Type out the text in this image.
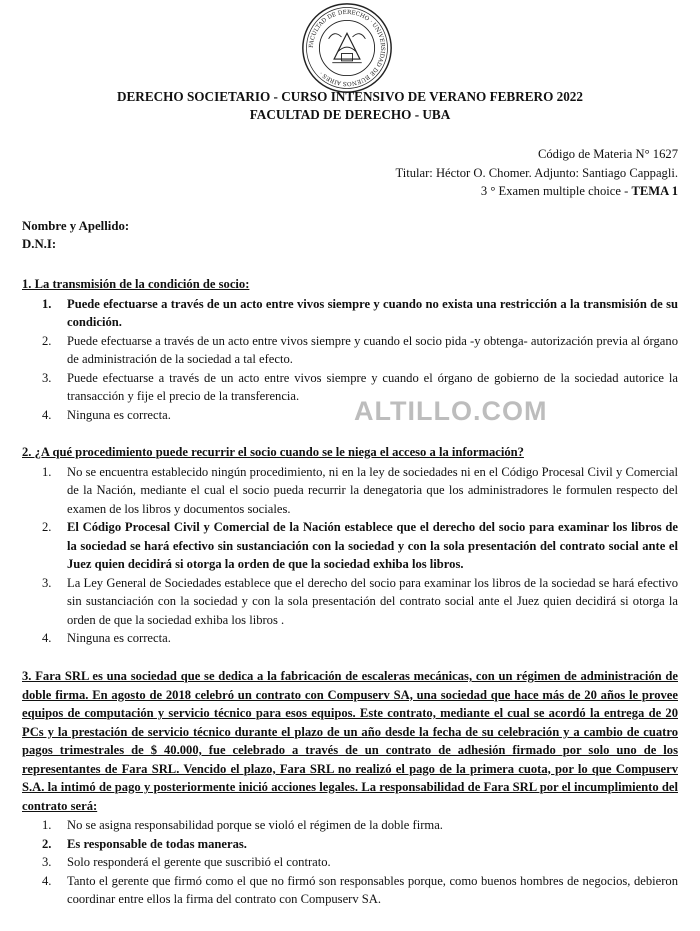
FACULTAD DE DERECHO · UNIVERSIDAD DE BUENOS AIRES ·
DERECHO SOCIETARIO - CURSO INTENSIVO DE VERANO FEBRERO 2022
FACULTAD DE DERECHO - UBA
Código de Materia N° 1627
Titular: Héctor O. Chomer. Adjunto: Santiago Cappagli.
3 ° Examen multiple choice - TEMA 1
Nombre y Apellido:
D.N.I:
1. La transmisión de la condición de socio:
1. Puede efectuarse a través de un acto entre vivos siempre y cuando no exista una restricción a la transmisión de su condición.
2. Puede efectuarse a través de un acto entre vivos siempre y cuando el socio pida -y obtenga- autorización previa al órgano de administración de la sociedad a tal efecto.
3. Puede efectuarse a través de un acto entre vivos siempre y cuando el órgano de gobierno de la sociedad autorice la transacción y fije el precio de la transferencia.
4. Ninguna es correcta.	ALTILLO.COM
2. ¿A qué procedimiento puede recurrir el socio cuando se le niega el acceso a la información?
1. No se encuentra establecido ningún procedimiento, ni en la ley de sociedades ni en el Código Procesal Civil y Comercial de la Nación, mediante el cual el socio pueda recurrir la denegatoria que los administradores le formulen respecto del examen de los libros y documentos sociales.
2. El Código Procesal Civil y Comercial de la Nación establece que el derecho del socio para examinar los libros de la sociedad se hará efectivo sin sustanciación con la sociedad y con la sola presentación del contrato social ante el Juez quien decidirá si otorga la orden de que la sociedad exhiba los libros.
3. La Ley General de Sociedades establece que el derecho del socio para examinar los libros de la sociedad se hará efectivo sin sustanciación con la sociedad y con la sola presentación del contrato social ante el Juez quien decidirá si otorga la orden de que la sociedad exhiba los libros .
4. Ninguna es correcta.
3. Fara SRL es una sociedad que se dedica a la fabricación de escaleras mecánicas, con un régimen de administración de doble firma. En agosto de 2018 celebró un contrato con Compuserv SA, una sociedad que hace más de 20 años le provee equipos de computación y servicio técnico para esos equipos. Este contrato, mediante el cual se acordó la entrega de 20 PCs y la prestación de servicio técnico durante el plazo de un año desde la fecha de su celebración y a cambio de cuatro pagos trimestrales de $ 40.000, fue celebrado a través de un contrato de adhesión firmado por solo uno de los representantes de Fara SRL. Vencido el plazo, Fara SRL no realizó el pago de la primera cuota, por lo que Compuserv S.A. la intimó de pago y posteriormente inició acciones legales. La responsabilidad de Fara SRL por el incumplimiento del contrato será:
1. No se asigna responsabilidad porque se violó el régimen de la doble firma.
2. Es responsable de todas maneras.
3. Solo responderá el gerente que suscribió el contrato.
4. Tanto el gerente que firmó como el que no firmó son responsables porque, como buenos hombres de negocios, debieron coordinar entre ellos la firma del contrato con Compuserv SA.
